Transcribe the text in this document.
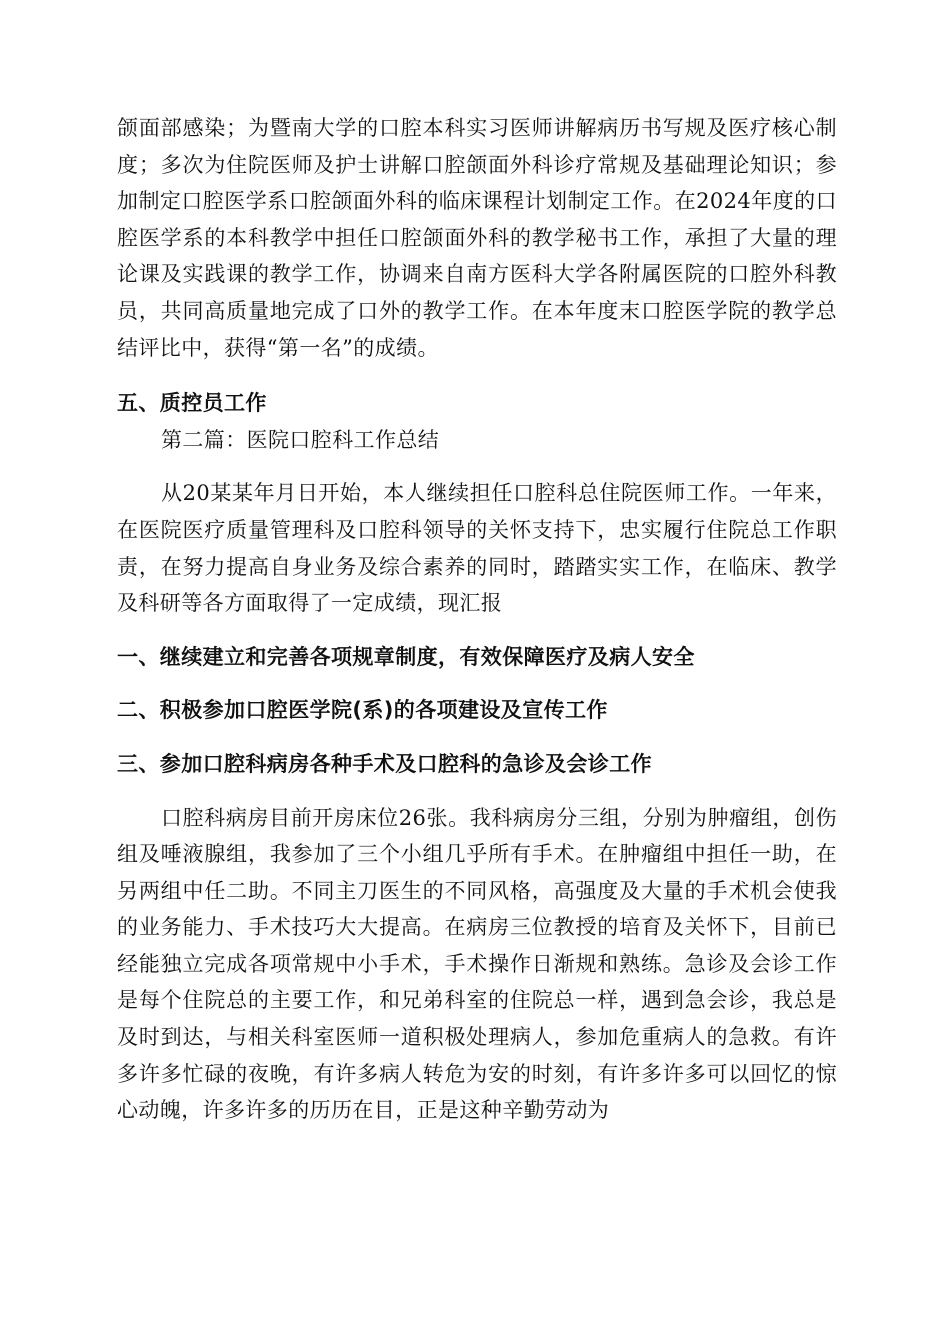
颌面部感染；为暨南大学的口腔本科实习医师讲解病历书写规及医疗核心制度；多次为住院医师及护士讲解口腔颌面外科诊疗常规及基础理论知识；参加制定口腔医学系口腔颌面外科的临床课程计划制定工作。在2024年度的口腔医学系的本科教学中担任口腔颌面外科的教学秘书工作，承担了大量的理论课及实践课的教学工作，协调来自南方医科大学各附属医院的口腔外科教员，共同高质量地完成了口外的教学工作。在本年度末口腔医学院的教学总结评比中，获得“第一名”的成绩。

五、质控员工作

第二篇：医院口腔科工作总结

从20某某年月日开始，本人继续担任口腔科总住院医师工作。一年来，在医院医疗质量管理科及口腔科领导的关怀支持下，忠实履行住院总工作职责，在努力提高自身业务及综合素养的同时，踏踏实实工作，在临床、教学及科研等各方面取得了一定成绩，现汇报

一、继续建立和完善各项规章制度，有效保障医疗及病人安全

二、积极参加口腔医学院(系)的各项建设及宣传工作

三、参加口腔科病房各种手术及口腔科的急诊及会诊工作

口腔科病房目前开房床位26张。我科病房分三组，分别为肿瘤组，创伤组及唾液腺组，我参加了三个小组几乎所有手术。在肿瘤组中担任一助，在另两组中任二助。不同主刀医生的不同风格，高强度及大量的手术机会使我的业务能力、手术技巧大大提高。在病房三位教授的培育及关怀下，目前已经能独立完成各项常规中小手术，手术操作日渐规和熟练。急诊及会诊工作是每个住院总的主要工作，和兄弟科室的住院总一样，遇到急会诊，我总是及时到达，与相关科室医师一道积极处理病人，参加危重病人的急救。有许多许多忙碌的夜晚，有许多病人转危为安的时刻，有许多许多可以回忆的惊心动魄，许多许多的历历在目，正是这种辛勤劳动为
